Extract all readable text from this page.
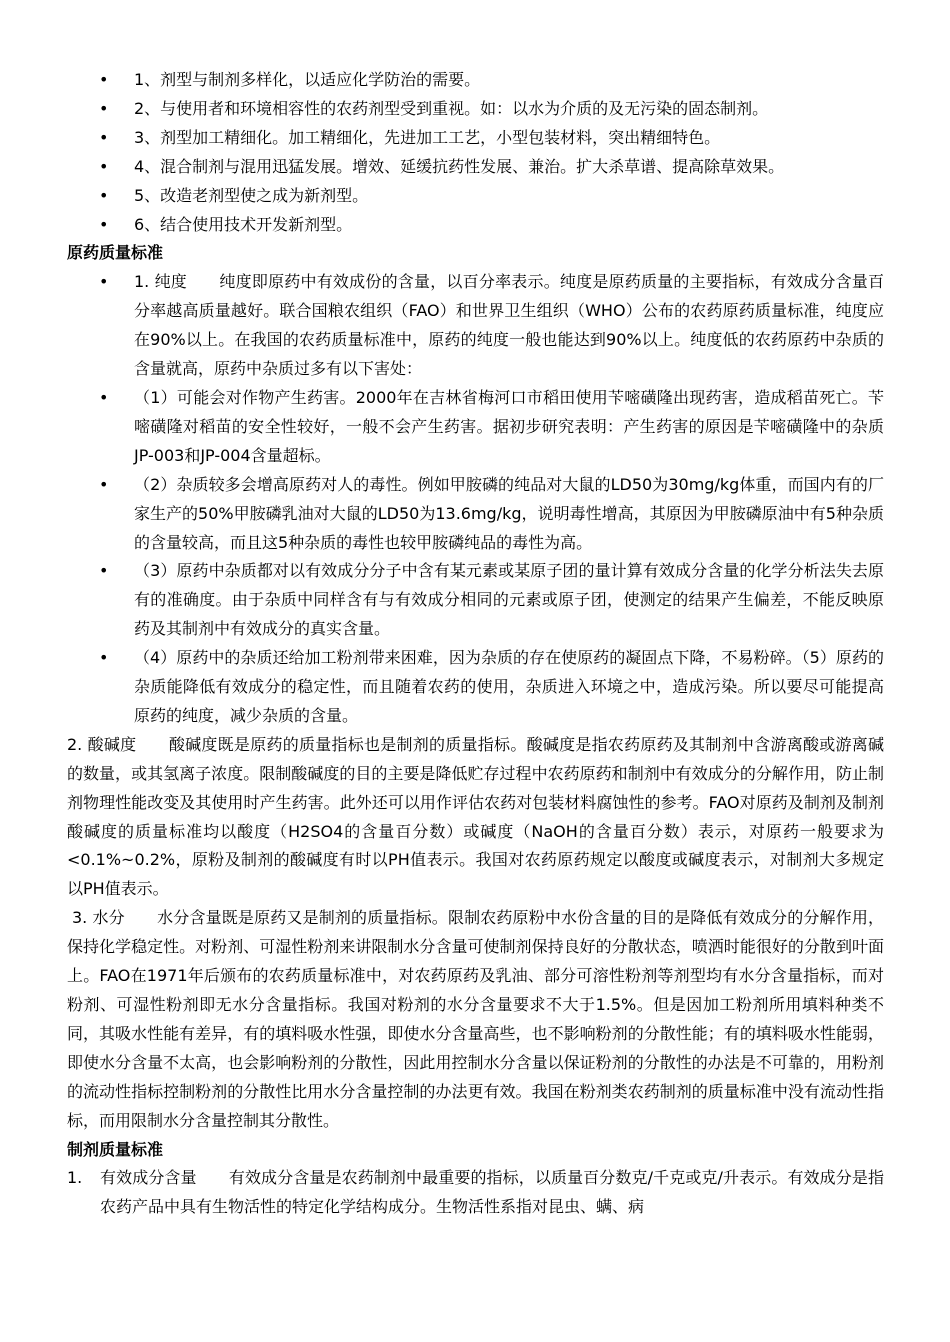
• 1、剂型与制剂多样化，以适应化学防治的需要。
• 2、与使用者和环境相容性的农药剂型受到重视。如：以水为介质的及无污染的固态制剂。
• 3、剂型加工精细化。加工精细化，先进加工工艺，小型包装材料，突出精细特色。
• 4、混合制剂与混用迅猛发展。增效、延缓抗药性发展、兼治。扩大杀草谱、提高除草效果。
• 5、改造老剂型使之成为新剂型。
• 6、结合使用技术开发新剂型。

原药质量标准

• 1. 纯度　　纯度即原药中有效成份的含量，以百分率表示。纯度是原药质量的主要指标，有效成分含量百分率越高质量越好。联合国粮农组织（FAO）和世界卫生组织（WHO）公布的农药原药质量标准，纯度应在90%以上。在我国的农药质量标准中，原药的纯度一般也能达到90%以上。纯度低的农药原药中杂质的含量就高，原药中杂质过多有以下害处：
• （1）可能会对作物产生药害。2000年在吉林省梅河口市稻田使用苄嘧磺隆出现药害，造成稻苗死亡。苄嘧磺隆对稻苗的安全性较好，一般不会产生药害。据初步研究表明：产生药害的原因是苄嘧磺隆中的杂质JP-003和JP-004含量超标。
• （2）杂质较多会增高原药对人的毒性。例如甲胺磷的纯品对大鼠的LD50为30mg/kg体重，而国内有的厂家生产的50%甲胺磷乳油对大鼠的LD50为13.6mg/kg，说明毒性增高，其原因为甲胺磷原油中有5种杂质的含量较高，而且这5种杂质的毒性也较甲胺磷纯品的毒性为高。
• （3）原药中杂质都对以有效成分分子中含有某元素或某原子团的量计算有效成分含量的化学分析法失去原有的准确度。由于杂质中同样含有与有效成分相同的元素或原子团，使测定的结果产生偏差，不能反映原药及其制剂中有效成分的真实含量。
• （4）原药中的杂质还给加工粉剂带来困难，因为杂质的存在使原药的凝固点下降，不易粉碎。（5）原药的杂质能降低有效成分的稳定性，而且随着农药的使用，杂质进入环境之中，造成污染。所以要尽可能提高原药的纯度，减少杂质的含量。

2. 酸碱度　　酸碱度既是原药的质量指标也是制剂的质量指标。酸碱度是指农药原药及其制剂中含游离酸或游离碱的数量，或其氢离子浓度。限制酸碱度的目的主要是降低贮存过程中农药原药和制剂中有效成分的分解作用，防止制剂物理性能改变及其使用时产生药害。此外还可以用作评估农药对包装材料腐蚀性的参考。FAO对原药及制剂及制剂酸碱度的质量标准均以酸度（H2SO4的含量百分数）或碱度（NaOH的含量百分数）表示，对原药一般要求为<0.1%~0.2%，原粉及制剂的酸碱度有时以PH值表示。我国对农药原药规定以酸度或碱度表示，对制剂大多规定以PH值表示。

3. 水分　　水分含量既是原药又是制剂的质量指标。限制农药原粉中水份含量的目的是降低有效成分的分解作用，保持化学稳定性。对粉剂、可湿性粉剂来讲限制水分含量可使制剂保持良好的分散状态，喷洒时能很好的分散到叶面上。FAO在1971年后颁布的农药质量标准中，对农药原药及乳油、部分可溶性粉剂等剂型均有水分含量指标，而对粉剂、可湿性粉剂即无水分含量指标。我国对粉剂的水分含量要求不大于1.5%。但是因加工粉剂所用填料种类不同，其吸水性能有差异，有的填料吸水性强，即使水分含量高些，也不影响粉剂的分散性能；有的填料吸水性能弱，即使水分含量不太高，也会影响粉剂的分散性，因此用控制水分含量以保证粉剂的分散性的办法是不可靠的，用粉剂的流动性指标控制粉剂的分散性比用水分含量控制的办法更有效。我国在粉剂类农药制剂的质量标准中没有流动性指标，而用限制水分含量控制其分散性。

制剂质量标准

1. 有效成分含量　　有效成分含量是农药制剂中最重要的指标，以质量百分数克/千克或克/升表示。有效成分是指农药产品中具有生物活性的特定化学结构成分。生物活性系指对昆虫、螨、病
